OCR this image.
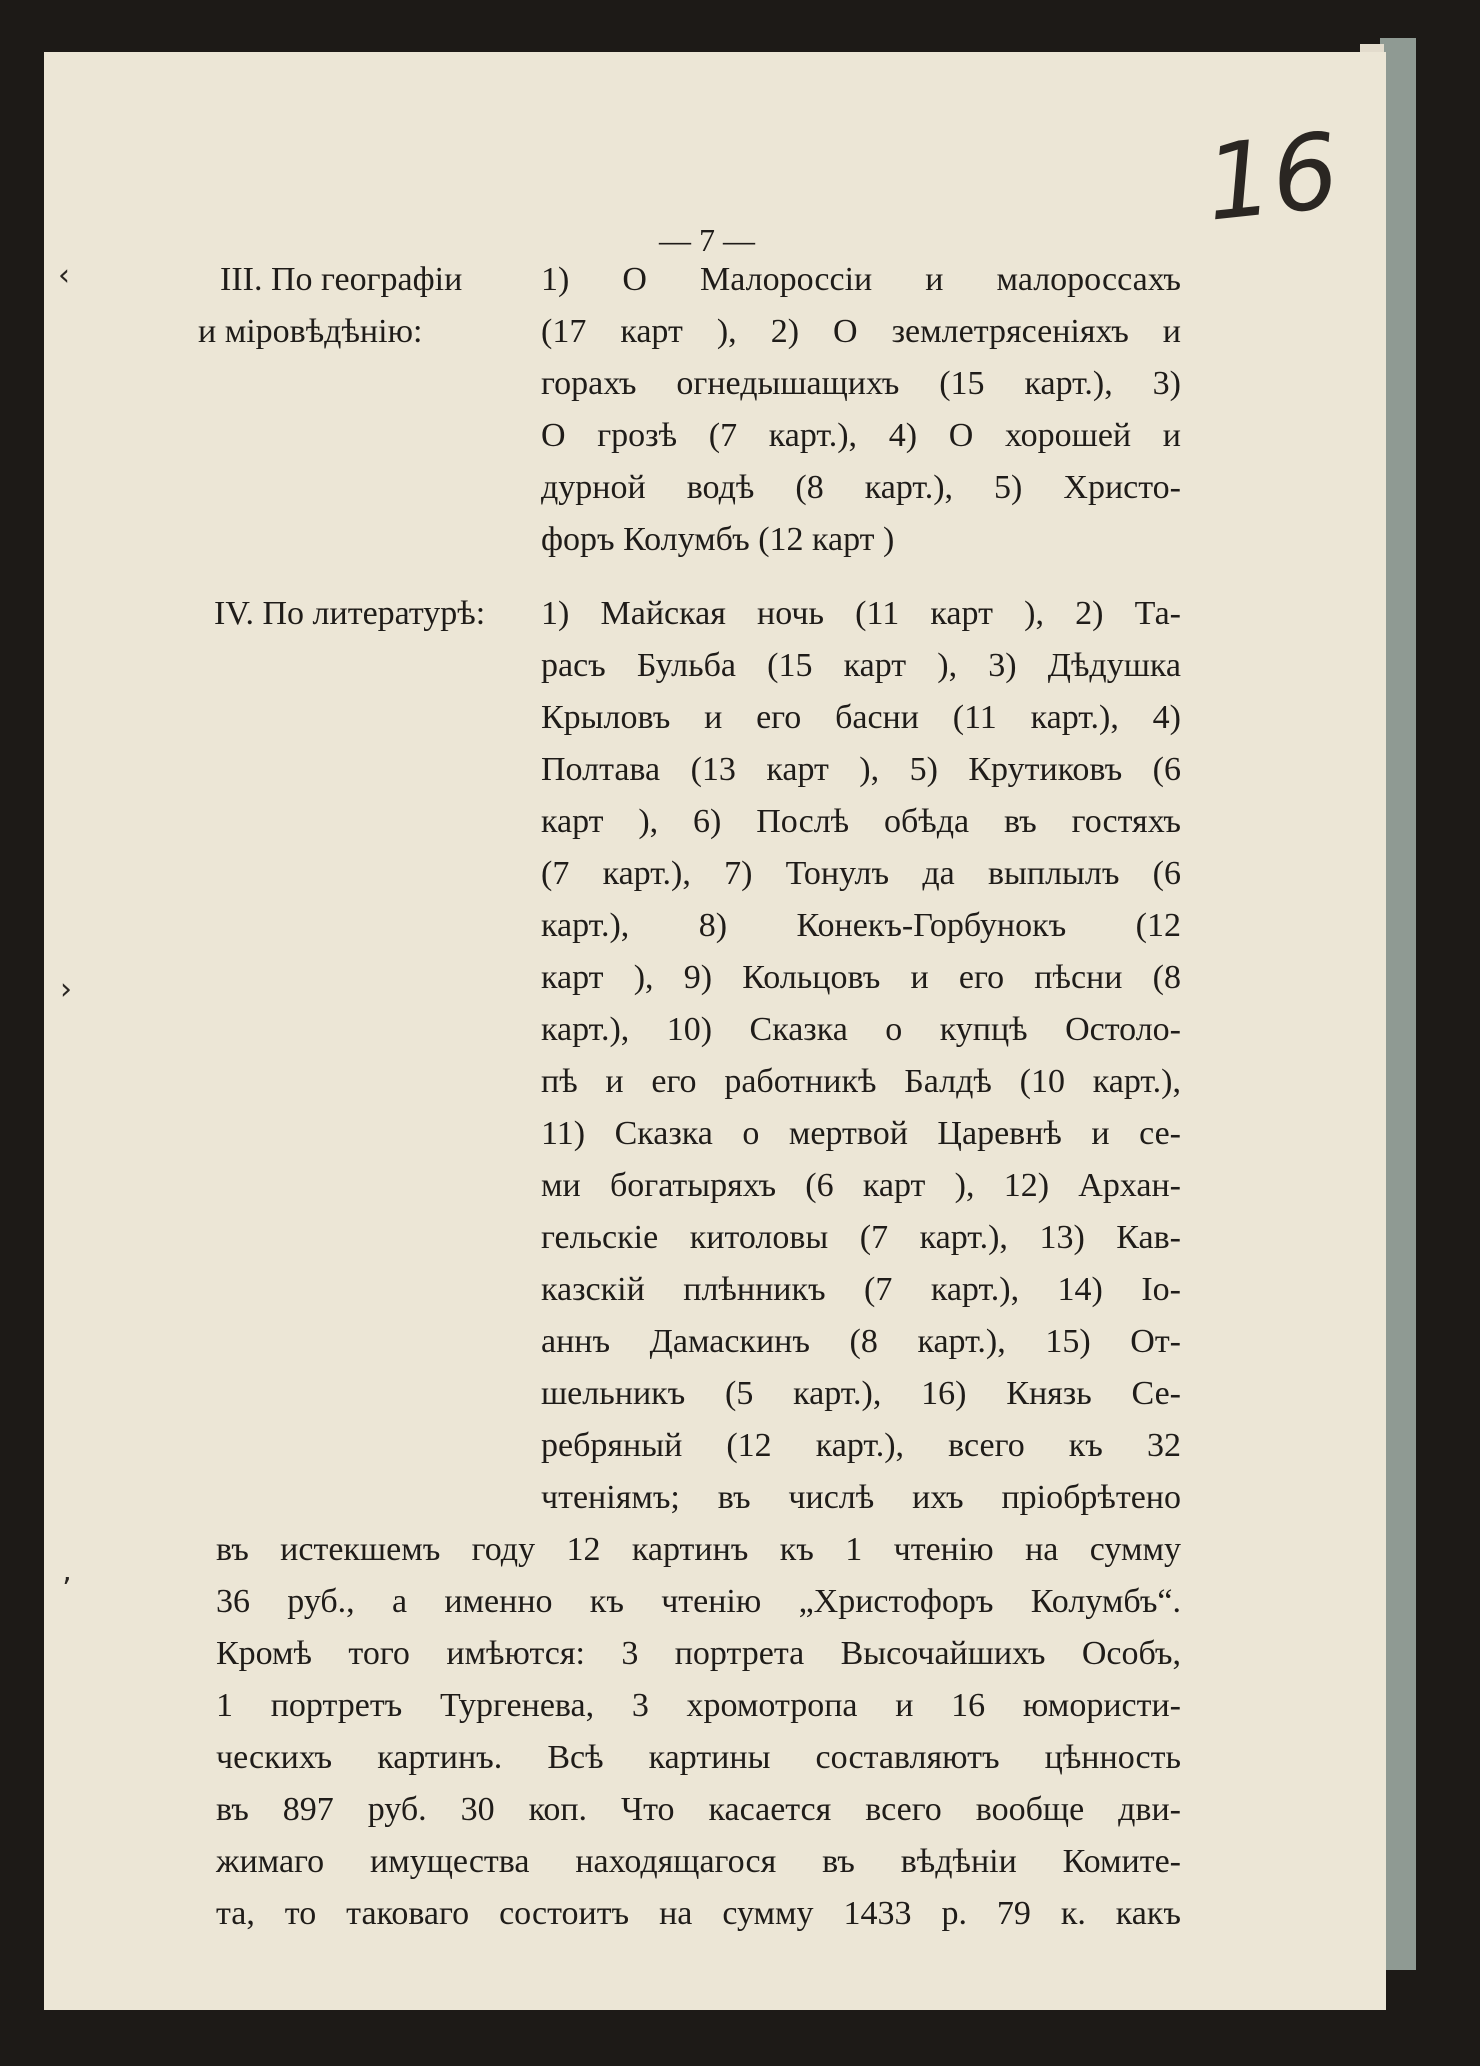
16
— 7 —
‹
›
ʼ
III. По географіи
и міровѣдѣнію:
1) О Малороссіи и малороссахъ
(17 карт ), 2) О землетрясеніяхъ и
горахъ огнедышащихъ (15 карт.), 3)
О грозѣ (7 карт.), 4) О хорошей и
дурной водѣ (8 карт.), 5) Христо-
форъ Колумбъ (12 карт )
IV. По литературѣ: 1) Майская ночь (11 карт ), 2) Та-
расъ Бульба (15 карт ), 3) Дѣдушка
Крыловъ и его басни (11 карт.), 4)
Полтава (13 карт ), 5) Крутиковъ (6
карт ), 6) Послѣ обѣда въ гостяхъ
(7 карт.), 7) Тонулъ да выплылъ (6
карт.), 8) Конекъ-Горбунокъ (12
карт ), 9) Кольцовъ и его пѣсни (8
карт.), 10) Сказка о купцѣ Остоло-
пѣ и его работникѣ Балдѣ (10 карт.),
11) Сказка о мертвой Царевнѣ и се-
ми богатыряхъ (6 карт ), 12) Архан-
гельскіе китоловы (7 карт.), 13) Кав-
казскій плѣнникъ (7 карт.), 14) Іо-
аннъ Дамаскинъ (8 карт.), 15) От-
шельникъ (5 карт.), 16) Князь Се-
ребряный (12 карт.), всего къ 32
чтеніямъ; въ числѣ ихъ пріобрѣтено
въ истекшемъ году 12 картинъ къ 1 чтенію на сумму
36 руб., а именно къ чтенію „Христофоръ Колумбъ“.
Кромѣ того имѣются: 3 портрета Высочайшихъ Особъ,
1 портретъ Тургенева, 3 хромотропа и 16 юмористи-
ческихъ картинъ. Всѣ картины составляютъ цѣнность
въ 897 руб. 30 коп. Что касается всего вообще дви-
жимаго имущества находящагося въ вѣдѣніи Комите-
та, то таковаго состоитъ на сумму 1433 р. 79 к. какъ
